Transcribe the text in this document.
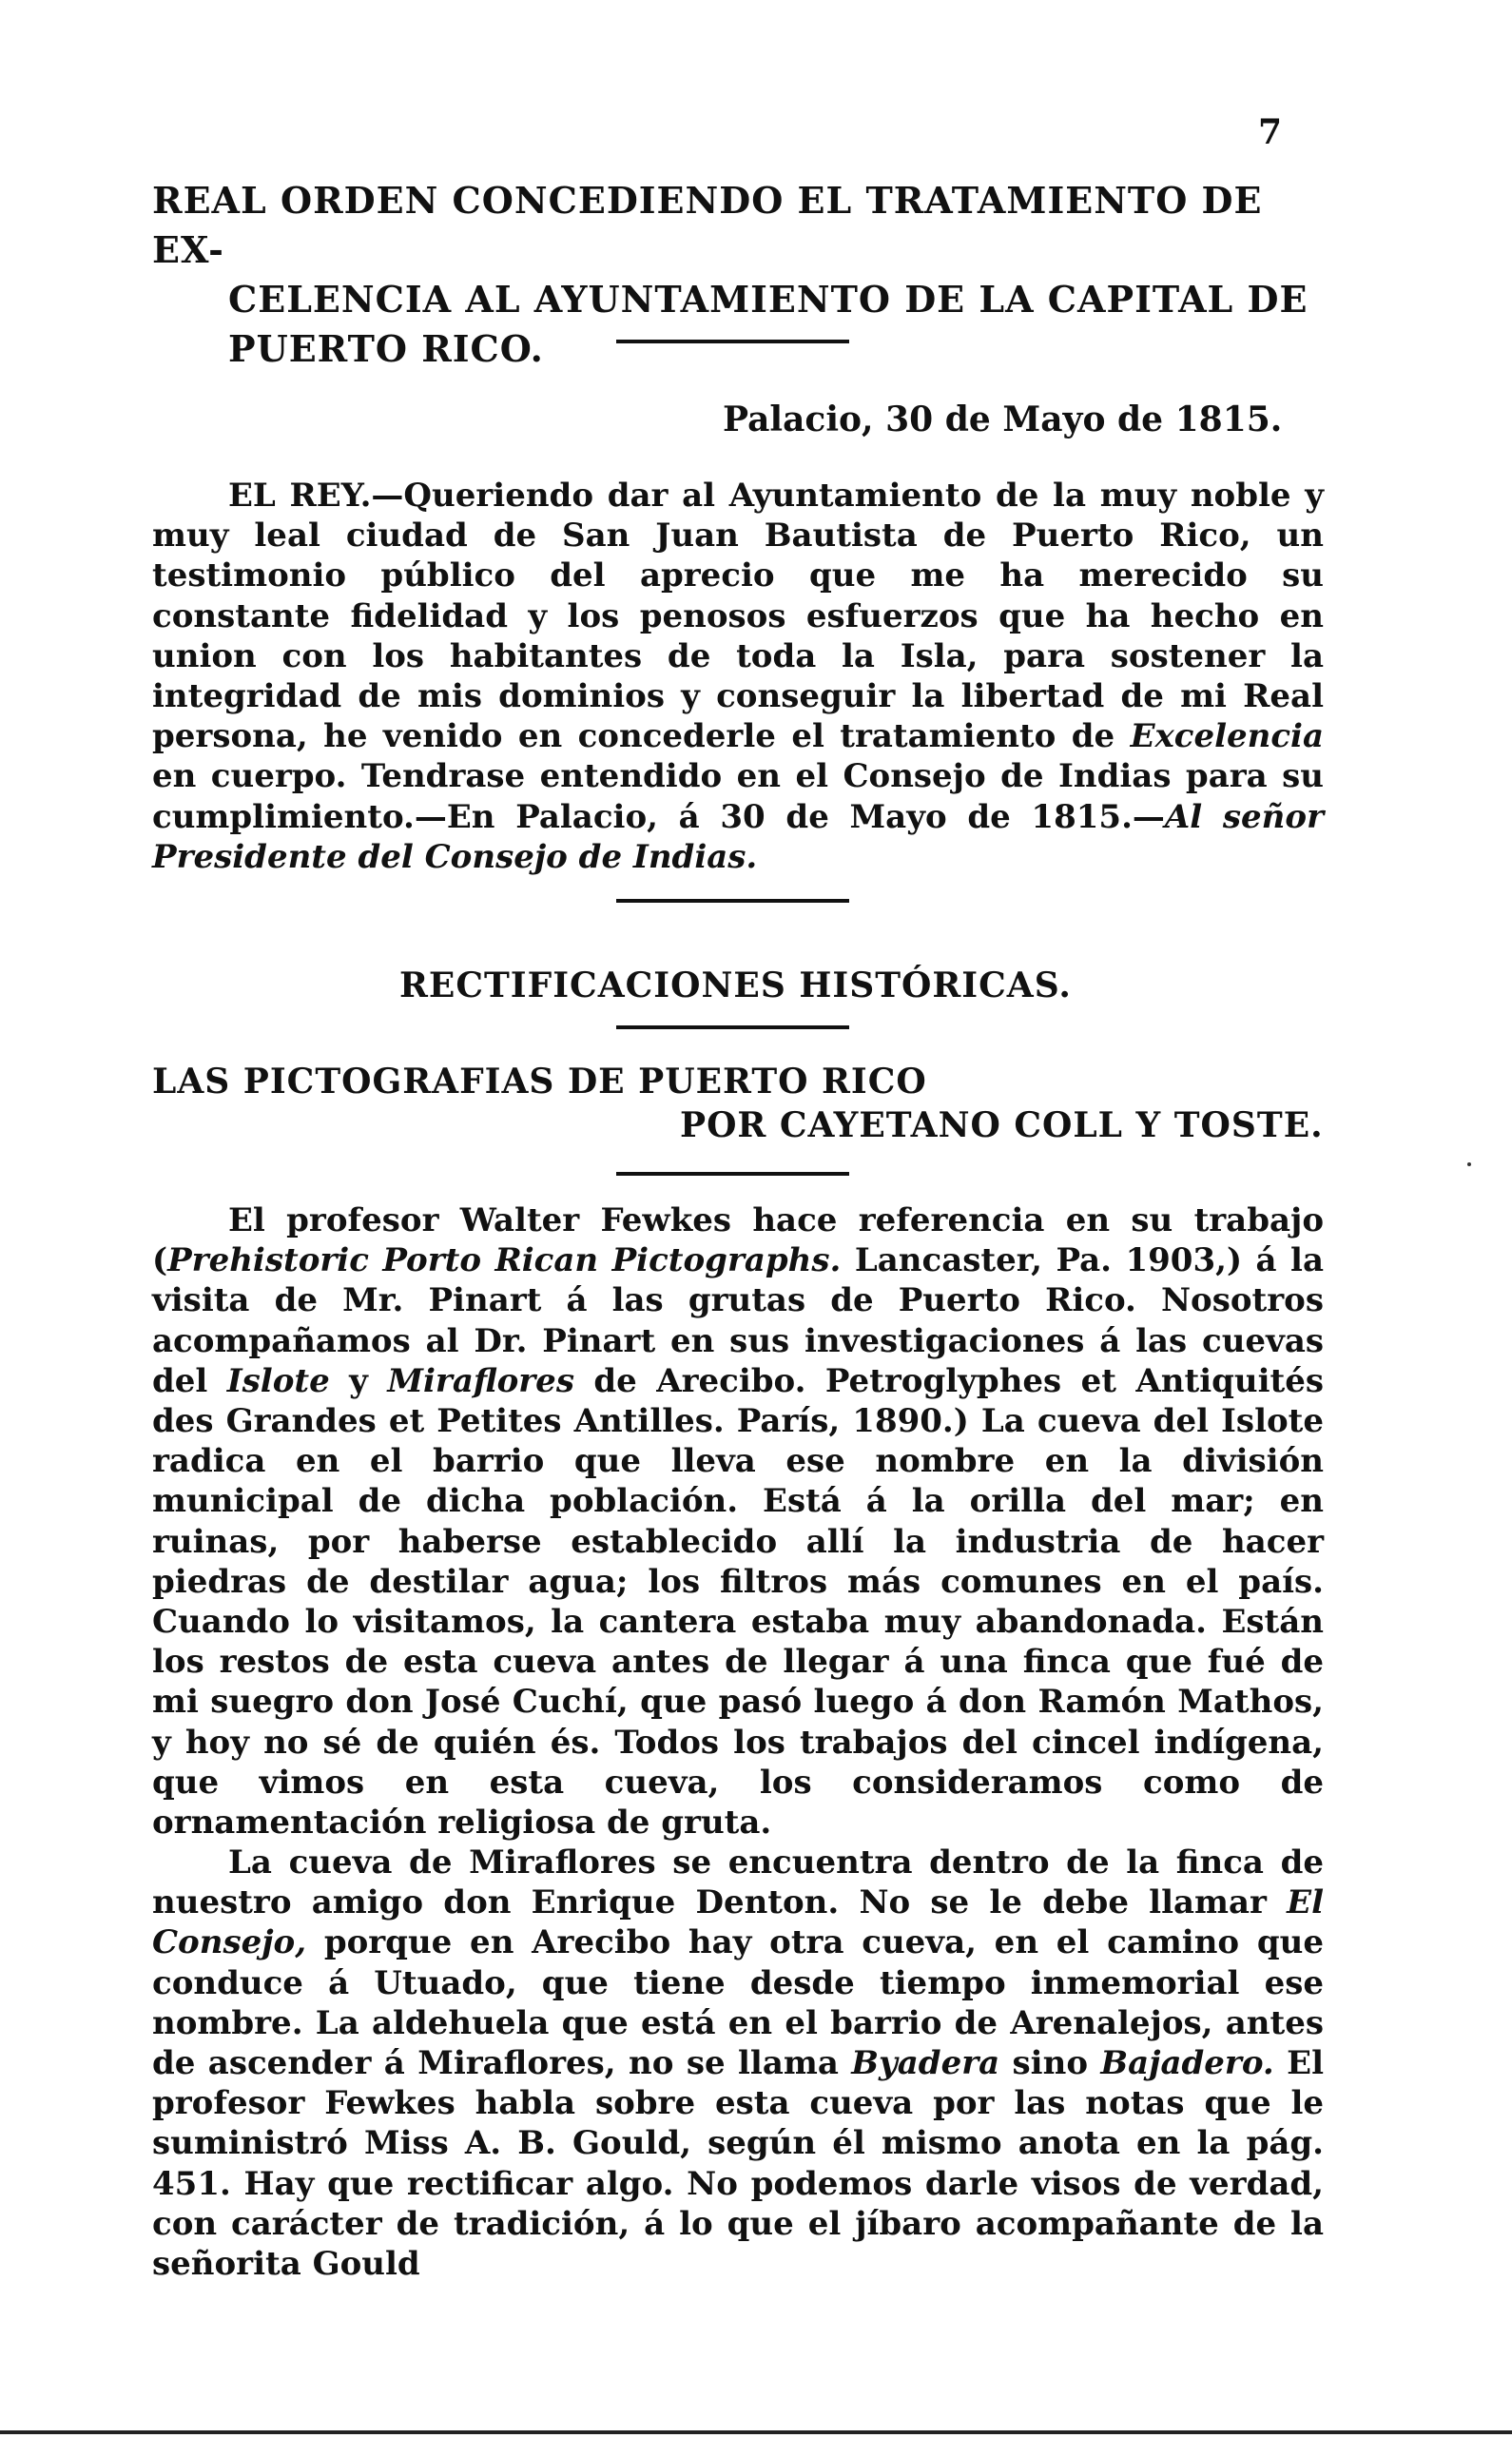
7
REAL ORDEN CONCEDIENDO EL TRATAMIENTO DE EX-
CELENCIA AL AYUNTAMIENTO DE LA CAPITAL DE
PUERTO RICO.
Palacio, 30 de Mayo de 1815.

EL REY.—Queriendo dar al Ayuntamiento de la muy noble y muy leal ciudad de San Juan Bautista de Puerto Rico, un testimonio público del aprecio que me ha merecido su constante fidelidad y los penosos esfuerzos que ha hecho en union con los habitantes de toda la Isla, para sostener la integridad de mis dominios y conseguir la libertad de mi Real persona, he venido en concederle el tratamiento de Excelencia en cuerpo. Tendrase entendido en el Consejo de Indias para su cumplimiento.—En Palacio, á 30 de Mayo de 1815.—Al señor Presidente del Consejo de Indias.

RECTIFICACIONES HISTÓRICAS.
LAS PICTOGRAFIAS DE PUERTO RICO
POR CAYETANO COLL Y TOSTE.

El profesor Walter Fewkes hace referencia en su trabajo (Prehistoric Porto Rican Pictographs. Lancaster, Pa. 1903,) á la visita de Mr. Pinart á las grutas de Puerto Rico. Nosotros acompañamos al Dr. Pinart en sus investigaciones á las cuevas del Islote y Miraflores de Arecibo. Petroglyphes et Antiquités des Grandes et Petites Antilles. París, 1890.) La cueva del Islote radica en el barrio que lleva ese nombre en la división municipal de dicha población. Está á la orilla del mar; en ruinas, por haberse establecido allí la industria de hacer piedras de destilar agua; los filtros más comunes en el país. Cuando lo visitamos, la cantera estaba muy abandonada. Están los restos de esta cueva antes de llegar á una finca que fué de mi suegro don José Cuchí, que pasó luego á don Ramón Mathos, y hoy no sé de quién és. Todos los trabajos del cincel indígena, que vimos en esta cueva, los consideramos como de ornamentación religiosa de gruta.

La cueva de Miraflores se encuentra dentro de la finca de nuestro amigo don Enrique Denton. No se le debe llamar El Consejo, porque en Arecibo hay otra cueva, en el camino que conduce á Utuado, que tiene desde tiempo inmemorial ese nombre. La aldehuela que está en el barrio de Arenalejos, antes de ascender á Miraflores, no se llama Byadera sino Bajadero. El profesor Fewkes habla sobre esta cueva por las notas que le suministró Miss A. B. Gould, según él mismo anota en la pág. 451. Hay que rectificar algo. No podemos darle visos de verdad, con carácter de tradición, á lo que el jíbaro acompañante de la señorita Gould
